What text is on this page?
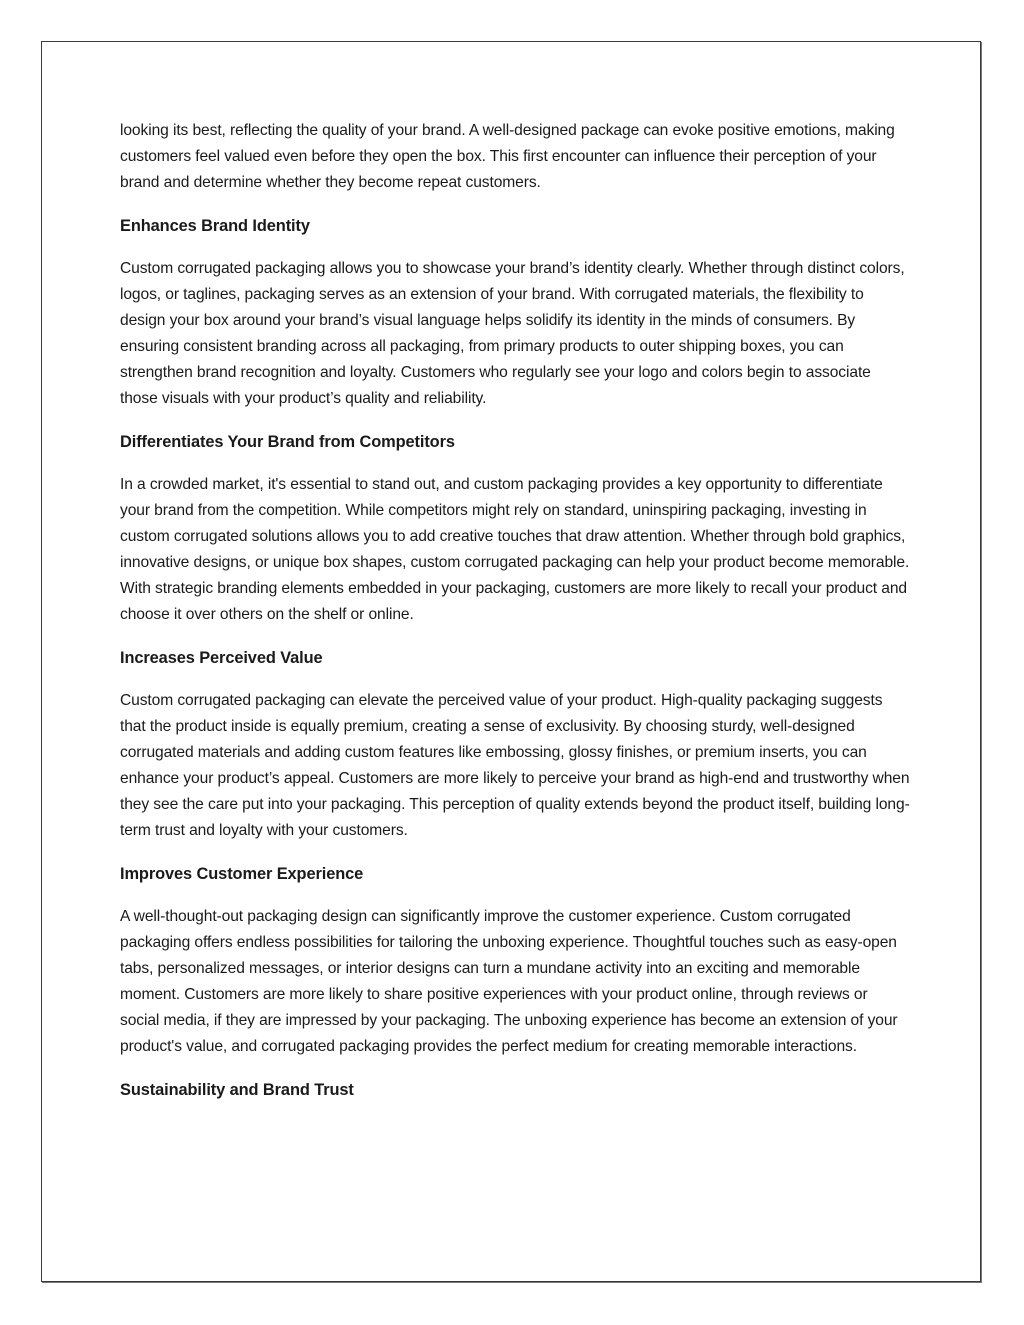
looking its best, reflecting the quality of your brand. A well-designed package can evoke positive emotions, making customers feel valued even before they open the box. This first encounter can influence their perception of your brand and determine whether they become repeat customers.

Enhances Brand Identity

Custom corrugated packaging allows you to showcase your brand’s identity clearly. Whether through distinct colors, logos, or taglines, packaging serves as an extension of your brand. With corrugated materials, the flexibility to design your box around your brand’s visual language helps solidify its identity in the minds of consumers. By ensuring consistent branding across all packaging, from primary products to outer shipping boxes, you can strengthen brand recognition and loyalty. Customers who regularly see your logo and colors begin to associate those visuals with your product’s quality and reliability.

Differentiates Your Brand from Competitors

In a crowded market, it's essential to stand out, and custom packaging provides a key opportunity to differentiate your brand from the competition. While competitors might rely on standard, uninspiring packaging, investing in custom corrugated solutions allows you to add creative touches that draw attention. Whether through bold graphics, innovative designs, or unique box shapes, custom corrugated packaging can help your product become memorable. With strategic branding elements embedded in your packaging, customers are more likely to recall your product and choose it over others on the shelf or online.

Increases Perceived Value

Custom corrugated packaging can elevate the perceived value of your product. High-quality packaging suggests that the product inside is equally premium, creating a sense of exclusivity. By choosing sturdy, well-designed corrugated materials and adding custom features like embossing, glossy finishes, or premium inserts, you can enhance your product’s appeal. Customers are more likely to perceive your brand as high-end and trustworthy when they see the care put into your packaging. This perception of quality extends beyond the product itself, building long-term trust and loyalty with your customers.

Improves Customer Experience

A well-thought-out packaging design can significantly improve the customer experience. Custom corrugated packaging offers endless possibilities for tailoring the unboxing experience. Thoughtful touches such as easy-open tabs, personalized messages, or interior designs can turn a mundane activity into an exciting and memorable moment. Customers are more likely to share positive experiences with your product online, through reviews or social media, if they are impressed by your packaging. The unboxing experience has become an extension of your product's value, and corrugated packaging provides the perfect medium for creating memorable interactions.

Sustainability and Brand Trust
